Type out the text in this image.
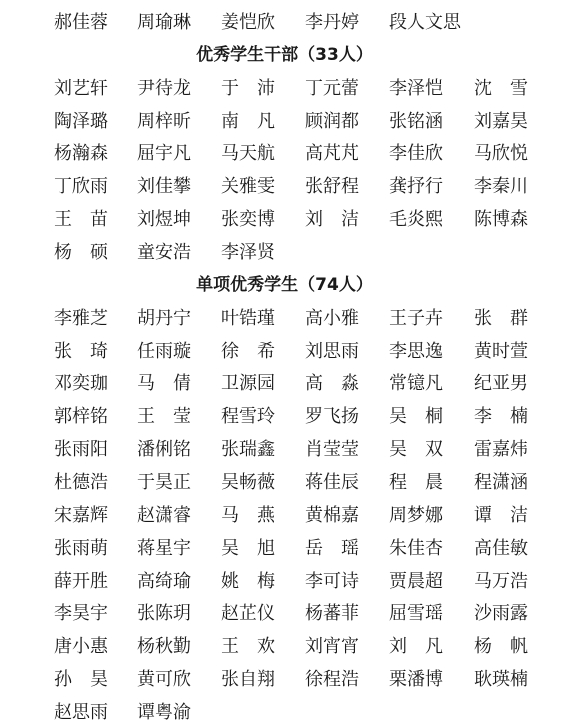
郝佳蓉 周瑜琳 姜恺欣 李丹婷 段人文思
优秀学生干部（33人）
刘艺轩 尹待龙 于　沛 丁元蕾 李泽恺 沈　雪
陶泽璐 周梓昕 南　凡 顾润都 张铭涵 刘嘉昊
杨瀚森 屈宇凡 马天航 高芃芃 李佳欣 马欣悦
丁欣雨 刘佳攀 关雅雯 张舒程 龚抒行 李秦川
王　苗 刘煜坤 张奕博 刘　洁 毛炎熙 陈博森
杨　硕 童安浩 李泽贤
单项优秀学生（74人）
李雅芝 胡丹宁 叶锆瑾 高小雅 王子卉 张　群
张　琦 任雨璇 徐　希 刘思雨 李思逸 黄时萱
邓奕珈 马　倩 卫源园 高　淼 常镱凡 纪亚男
郭梓铭 王　莹 程雪玲 罗飞扬 吴　桐 李　楠
张雨阳 潘俐铭 张瑞鑫 肖莹莹 吴　双 雷嘉炜
杜德浩 于昊正 吴畅薇 蒋佳辰 程　晨 程潇涵
宋嘉辉 赵潇睿 马　燕 黄棉嘉 周梦娜 谭　洁
张雨萌 蒋星宇 吴　旭 岳　瑶 朱佳杏 高佳敏
薛开胜 高绮瑜 姚　梅 李可诗 贾晨超 马万浩
李昊宇 张陈玥 赵芷仪 杨蕃菲 屈雪瑶 沙雨露
唐小惠 杨秋勤 王　欢 刘宵宵 刘　凡 杨　帆
孙　昊 黄可欣 张自翔 徐程浩 栗潘博 耿瑛楠
赵思雨 谭粤渝
